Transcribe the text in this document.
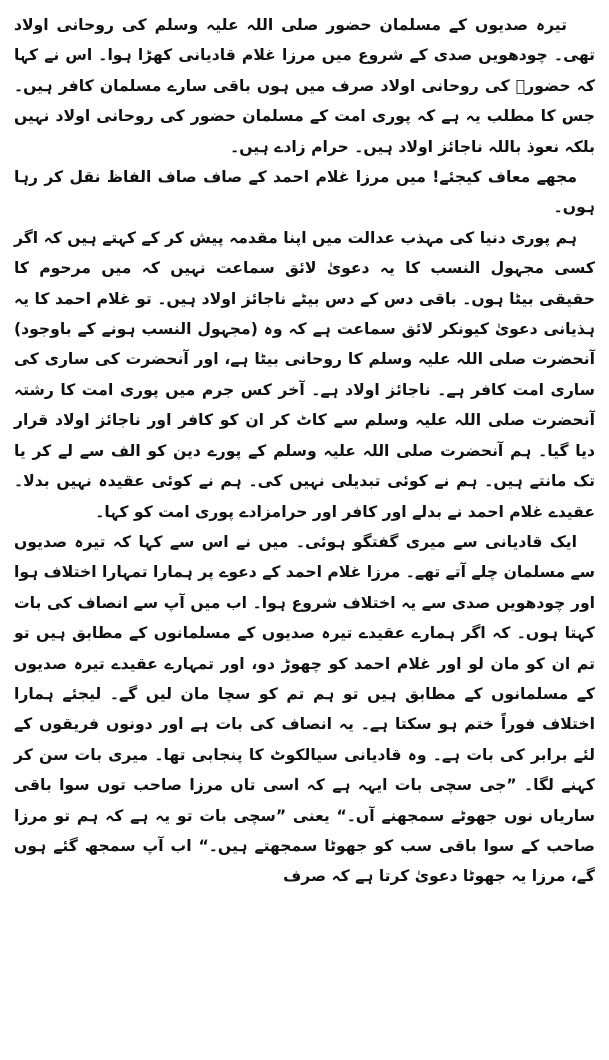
تیرہ صدیوں کے مسلمان حضور صلی اللہ علیہ وسلم کی روحانی اولاد تھی۔ چودھویں صدی کے شروع میں مرزا غلام قادیانی کھڑا ہوا۔ اس نے کہا کہ حضورؐ کی روحانی اولاد صرف میں ہوں باقی سارے مسلمان کافر ہیں۔ جس کا مطلب یہ ہے کہ پوری امت کے مسلمان حضور کی روحانی اولاد نہیں بلکہ نعوذ باللہ ناجائز اولاد ہیں۔ حرام زادے ہیں۔

مجھے معاف کیجئے! میں مرزا غلام احمد کے صاف صاف الفاظ نقل کر رہا ہوں۔

ہم پوری دنیا کی مہذب عدالت میں اپنا مقدمہ پیش کر کے کہتے ہیں کہ اگر کسی مجہول النسب کا یہ دعویٰ لائق سماعت نہیں کہ میں مرحوم کا حقیقی بیٹا ہوں۔ باقی دس کے دس بیٹے ناجائز اولاد ہیں۔ تو غلام احمد کا یہ ہذیانی دعویٰ کیونکر لائق سماعت ہے کہ وہ (مجہول النسب ہونے کے باوجود) آنحضرت صلی اللہ علیہ وسلم کا روحانی بیٹا ہے، اور آنحضرت کی ساری کی ساری امت کافر ہے۔ ناجائز اولاد ہے۔ آخر کس جرم میں پوری امت کا رشتہ آنحضرت صلی اللہ علیہ وسلم سے کاٹ کر ان کو کافر اور ناجائز اولاد قرار دیا گیا۔ ہم آنحضرت صلی اللہ علیہ وسلم کے پورے دین کو الف سے لے کر یا تک مانتے ہیں۔ ہم نے کوئی تبدیلی نہیں کی۔ ہم نے کوئی عقیدہ نہیں بدلا۔ عقیدے غلام احمد نے بدلے اور کافر اور حرامزادے پوری امت کو کہا۔

ایک قادیانی سے میری گفتگو ہوئی۔ میں نے اس سے کہا کہ تیرہ صدیوں سے مسلمان چلے آتے تھے۔ مرزا غلام احمد کے دعوے پر ہمارا تمہارا اختلاف ہوا اور چودھویں صدی سے یہ اختلاف شروع ہوا۔ اب میں آپ سے انصاف کی بات کہتا ہوں۔ کہ اگر ہمارے عقیدے تیرہ صدیوں کے مسلمانوں کے مطابق ہیں تو تم ان کو مان لو اور غلام احمد کو چھوڑ دو، اور تمہارے عقیدے تیرہ صدیوں کے مسلمانوں کے مطابق ہیں تو ہم تم کو سچا مان لیں گے۔ لیجئے ہمارا اختلاف فوراً ختم ہو سکتا ہے۔ یہ انصاف کی بات ہے اور دونوں فریقوں کے لئے برابر کی بات ہے۔ وہ قادیانی سیالکوٹ کا پنجابی تھا۔ میری بات سن کر کہنے لگا۔ ”جی سچی بات ایہہ ہے کہ اسی تاں مرزا صاحب توں سوا باقی ساریاں نوں جھوٹے سمجھنے آں۔“ یعنی ”سچی بات تو یہ ہے کہ ہم تو مرزا صاحب کے سوا باقی سب کو جھوٹا سمجھتے ہیں۔“ اب آپ سمجھ گئے ہوں گے، مرزا یہ جھوٹا دعویٰ کرتا ہے کہ صرف
